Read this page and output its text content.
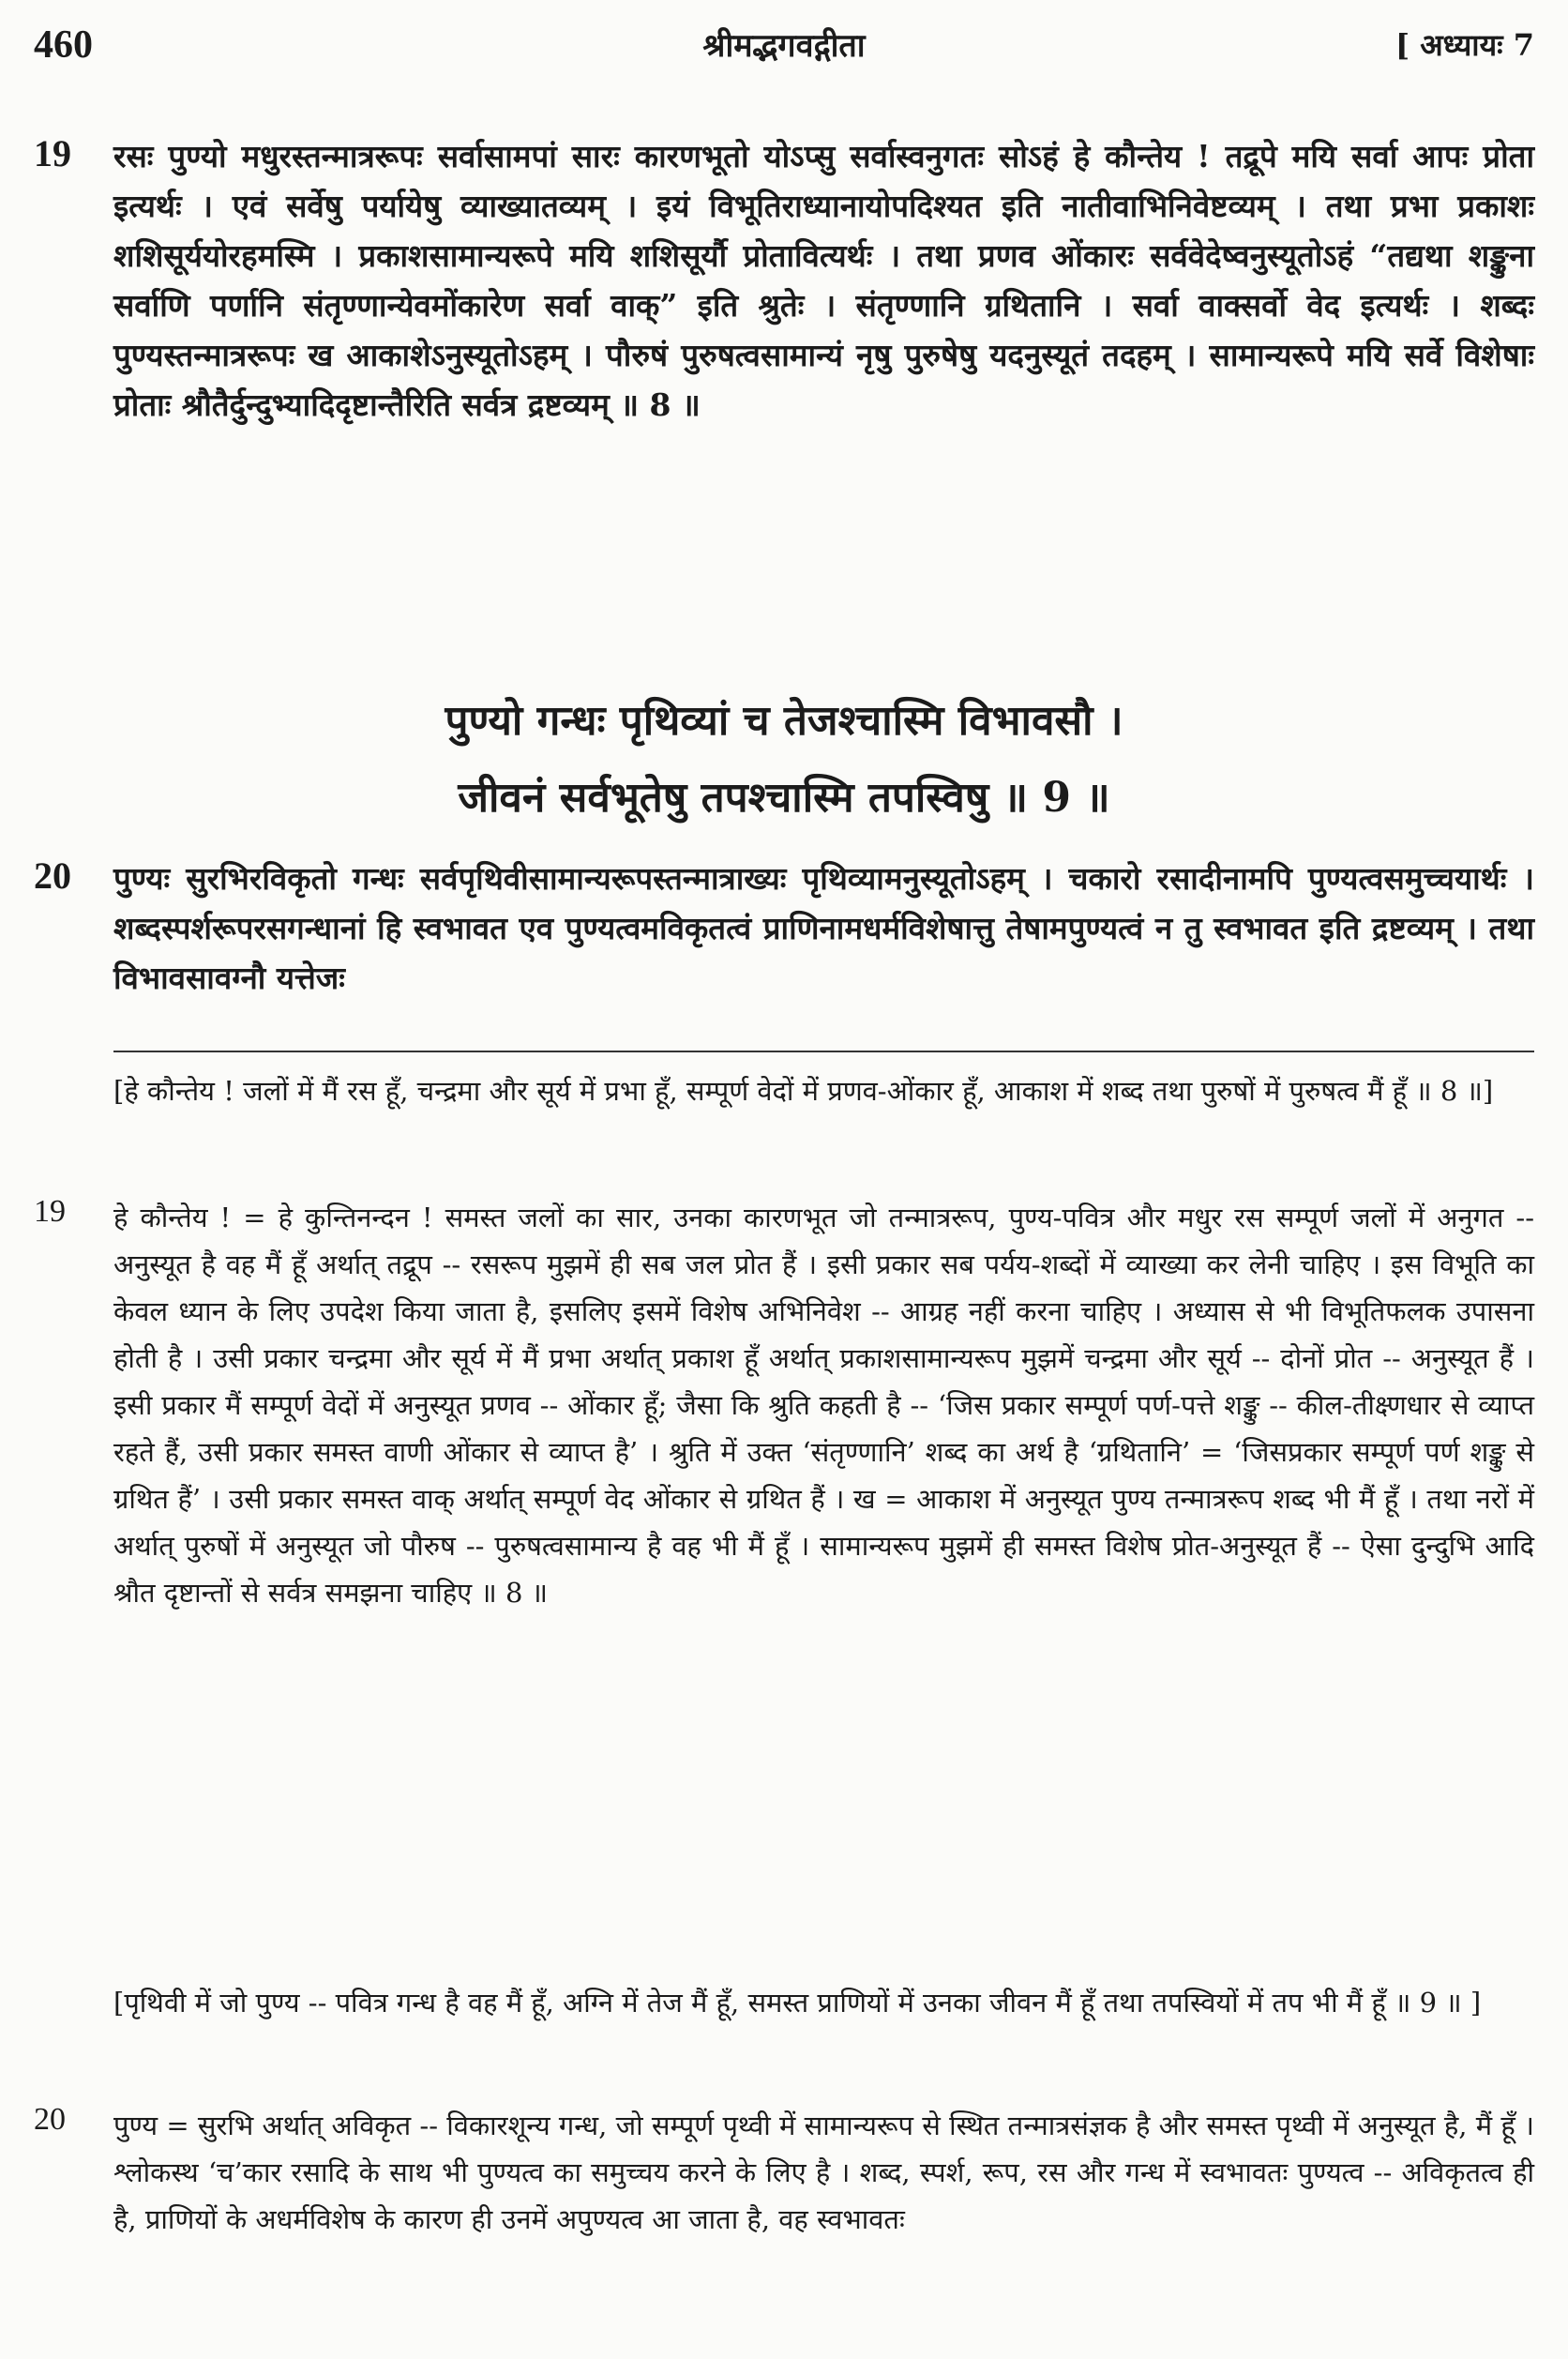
460	श्रीमद्भगवद्गीता	[ अध्यायः 7
19 रसः पुण्यो मधुरस्तन्मात्ररूपः सर्वासामपां सारः कारणभूतो योऽप्सु सर्वास्वनुगतः सोऽहं हे कौन्तेय ! तद्रूपे मयि सर्वा आपः प्रोता इत्यर्थः । एवं सर्वेषु पर्यायेषु व्याख्यातव्यम् । इयं विभूतिराध्यानायोपदिश्यत इति नातीवाभिनिवेष्टव्यम् । तथा प्रभा प्रकाशः शशिसूर्ययोरहमस्मि । प्रकाशसामान्यरूपे मयि शशिसूर्यौ प्रोतावित्यर्थः । तथा प्रणव ओंकारः सर्ववेदेष्वनुस्यूतोऽहं “तद्यथा शङ्कुना सर्वाणि पर्णानि संतृण्णान्येवमोंकारेण सर्वा वाक्” इति श्रुतेः । संतृण्णानि ग्रथितानि । सर्वा वाक्सर्वो वेद इत्यर्थः । शब्दः पुण्यस्तन्मात्ररूपः ख आकाशेऽनुस्यूतोऽहम् । पौरुषं पुरुषत्वसामान्यं नृषु पुरुषेषु यदनुस्यूतं तदहम् । सामान्यरूपे मयि सर्वे विशेषाः प्रोताः श्रौतैर्दुन्दुभ्यादिदृष्टान्तैरिति सर्वत्र द्रष्टव्यम् ॥ 8 ॥
पुण्यो गन्धः पृथिव्यां च तेजश्चास्मि विभावसौ ।
जीवनं सर्वभूतेषु तपश्चास्मि तपस्विषु ॥ 9 ॥
20 पुण्यः सुरभिरविकृतो गन्धः सर्वपृथिवीसामान्यरूपस्तन्मात्राख्यः पृथिव्यामनुस्यूतोऽहम् । चकारो रसादीनामपि पुण्यत्वसमुच्चयार्थः । शब्दस्पर्शरूपरसगन्धानां हि स्वभावत एव पुण्यत्वमविकृतत्वं प्राणिनामधर्मविशेषात्तु तेषामपुण्यत्वं न तु स्वभावत इति द्रष्टव्यम् । तथा विभावसावग्नौ यत्तेजः
[हे कौन्तेय ! जलों में मैं रस हूँ, चन्द्रमा और सूर्य में प्रभा हूँ, सम्पूर्ण वेदों में प्रणव-ओंकार हूँ, आकाश में शब्द तथा पुरुषों में पुरुषत्व मैं हूँ ॥ 8 ॥]
19 हे कौन्तेय ! = हे कुन्तिनन्दन ! समस्त जलों का सार, उनका कारणभूत जो तन्मात्ररूप, पुण्य-पवित्र और मधुर रस सम्पूर्ण जलों में अनुगत -- अनुस्यूत है वह मैं हूँ अर्थात् तद्रूप -- रसरूप मुझमें ही सब जल प्रोत हैं । इसी प्रकार सब पर्यय-शब्दों में व्याख्या कर लेनी चाहिए । इस विभूति का केवल ध्यान के लिए उपदेश किया जाता है, इसलिए इसमें विशेष अभिनिवेश -- आग्रह नहीं करना चाहिए । अध्यास से भी विभूतिफलक उपासना होती है । उसी प्रकार चन्द्रमा और सूर्य में मैं प्रभा अर्थात् प्रकाश हूँ अर्थात् प्रकाशसामान्यरूप मुझमें चन्द्रमा और सूर्य -- दोनों प्रोत -- अनुस्यूत हैं । इसी प्रकार मैं सम्पूर्ण वेदों में अनुस्यूत प्रणव -- ओंकार हूँ; जैसा कि श्रुति कहती है -- ‘जिस प्रकार सम्पूर्ण पर्ण-पत्ते शङ्कु -- कील-तीक्ष्णधार से व्याप्त रहते हैं, उसी प्रकार समस्त वाणी ओंकार से व्याप्त है’ । श्रुति में उक्त ‘संतृण्णानि’ शब्द का अर्थ है ‘ग्रथितानि’ = ‘जिसप्रकार सम्पूर्ण पर्ण शङ्कु से ग्रथित हैं’ । उसी प्रकार समस्त वाक् अर्थात् सम्पूर्ण वेद ओंकार से ग्रथित हैं । ख = आकाश में अनुस्यूत पुण्य तन्मात्ररूप शब्द भी मैं हूँ । तथा नरों में अर्थात् पुरुषों में अनुस्यूत जो पौरुष -- पुरुषत्वसामान्य है वह भी मैं हूँ । सामान्यरूप मुझमें ही समस्त विशेष प्रोत-अनुस्यूत हैं -- ऐसा दुन्दुभि आदि श्रौत दृष्टान्तों से सर्वत्र समझना चाहिए ॥ 8 ॥
[पृथिवी में जो पुण्य -- पवित्र गन्ध है वह मैं हूँ, अग्नि में तेज मैं हूँ, समस्त प्राणियों में उनका जीवन मैं हूँ तथा तपस्वियों में तप भी मैं हूँ ॥ 9 ॥ ]
20 पुण्य = सुरभि अर्थात् अविकृत -- विकारशून्य गन्ध, जो सम्पूर्ण पृथ्वी में सामान्यरूप से स्थित तन्मात्रसंज्ञक है और समस्त पृथ्वी में अनुस्यूत है, मैं हूँ । श्लोकस्थ ‘च’कार रसादि के साथ भी पुण्यत्व का समुच्चय करने के लिए है । शब्द, स्पर्श, रूप, रस और गन्ध में स्वभावतः पुण्यत्व -- अविकृतत्व ही है, प्राणियों के अधर्मविशेष के कारण ही उनमें अपुण्यत्व आ जाता है, वह स्वभावतः
